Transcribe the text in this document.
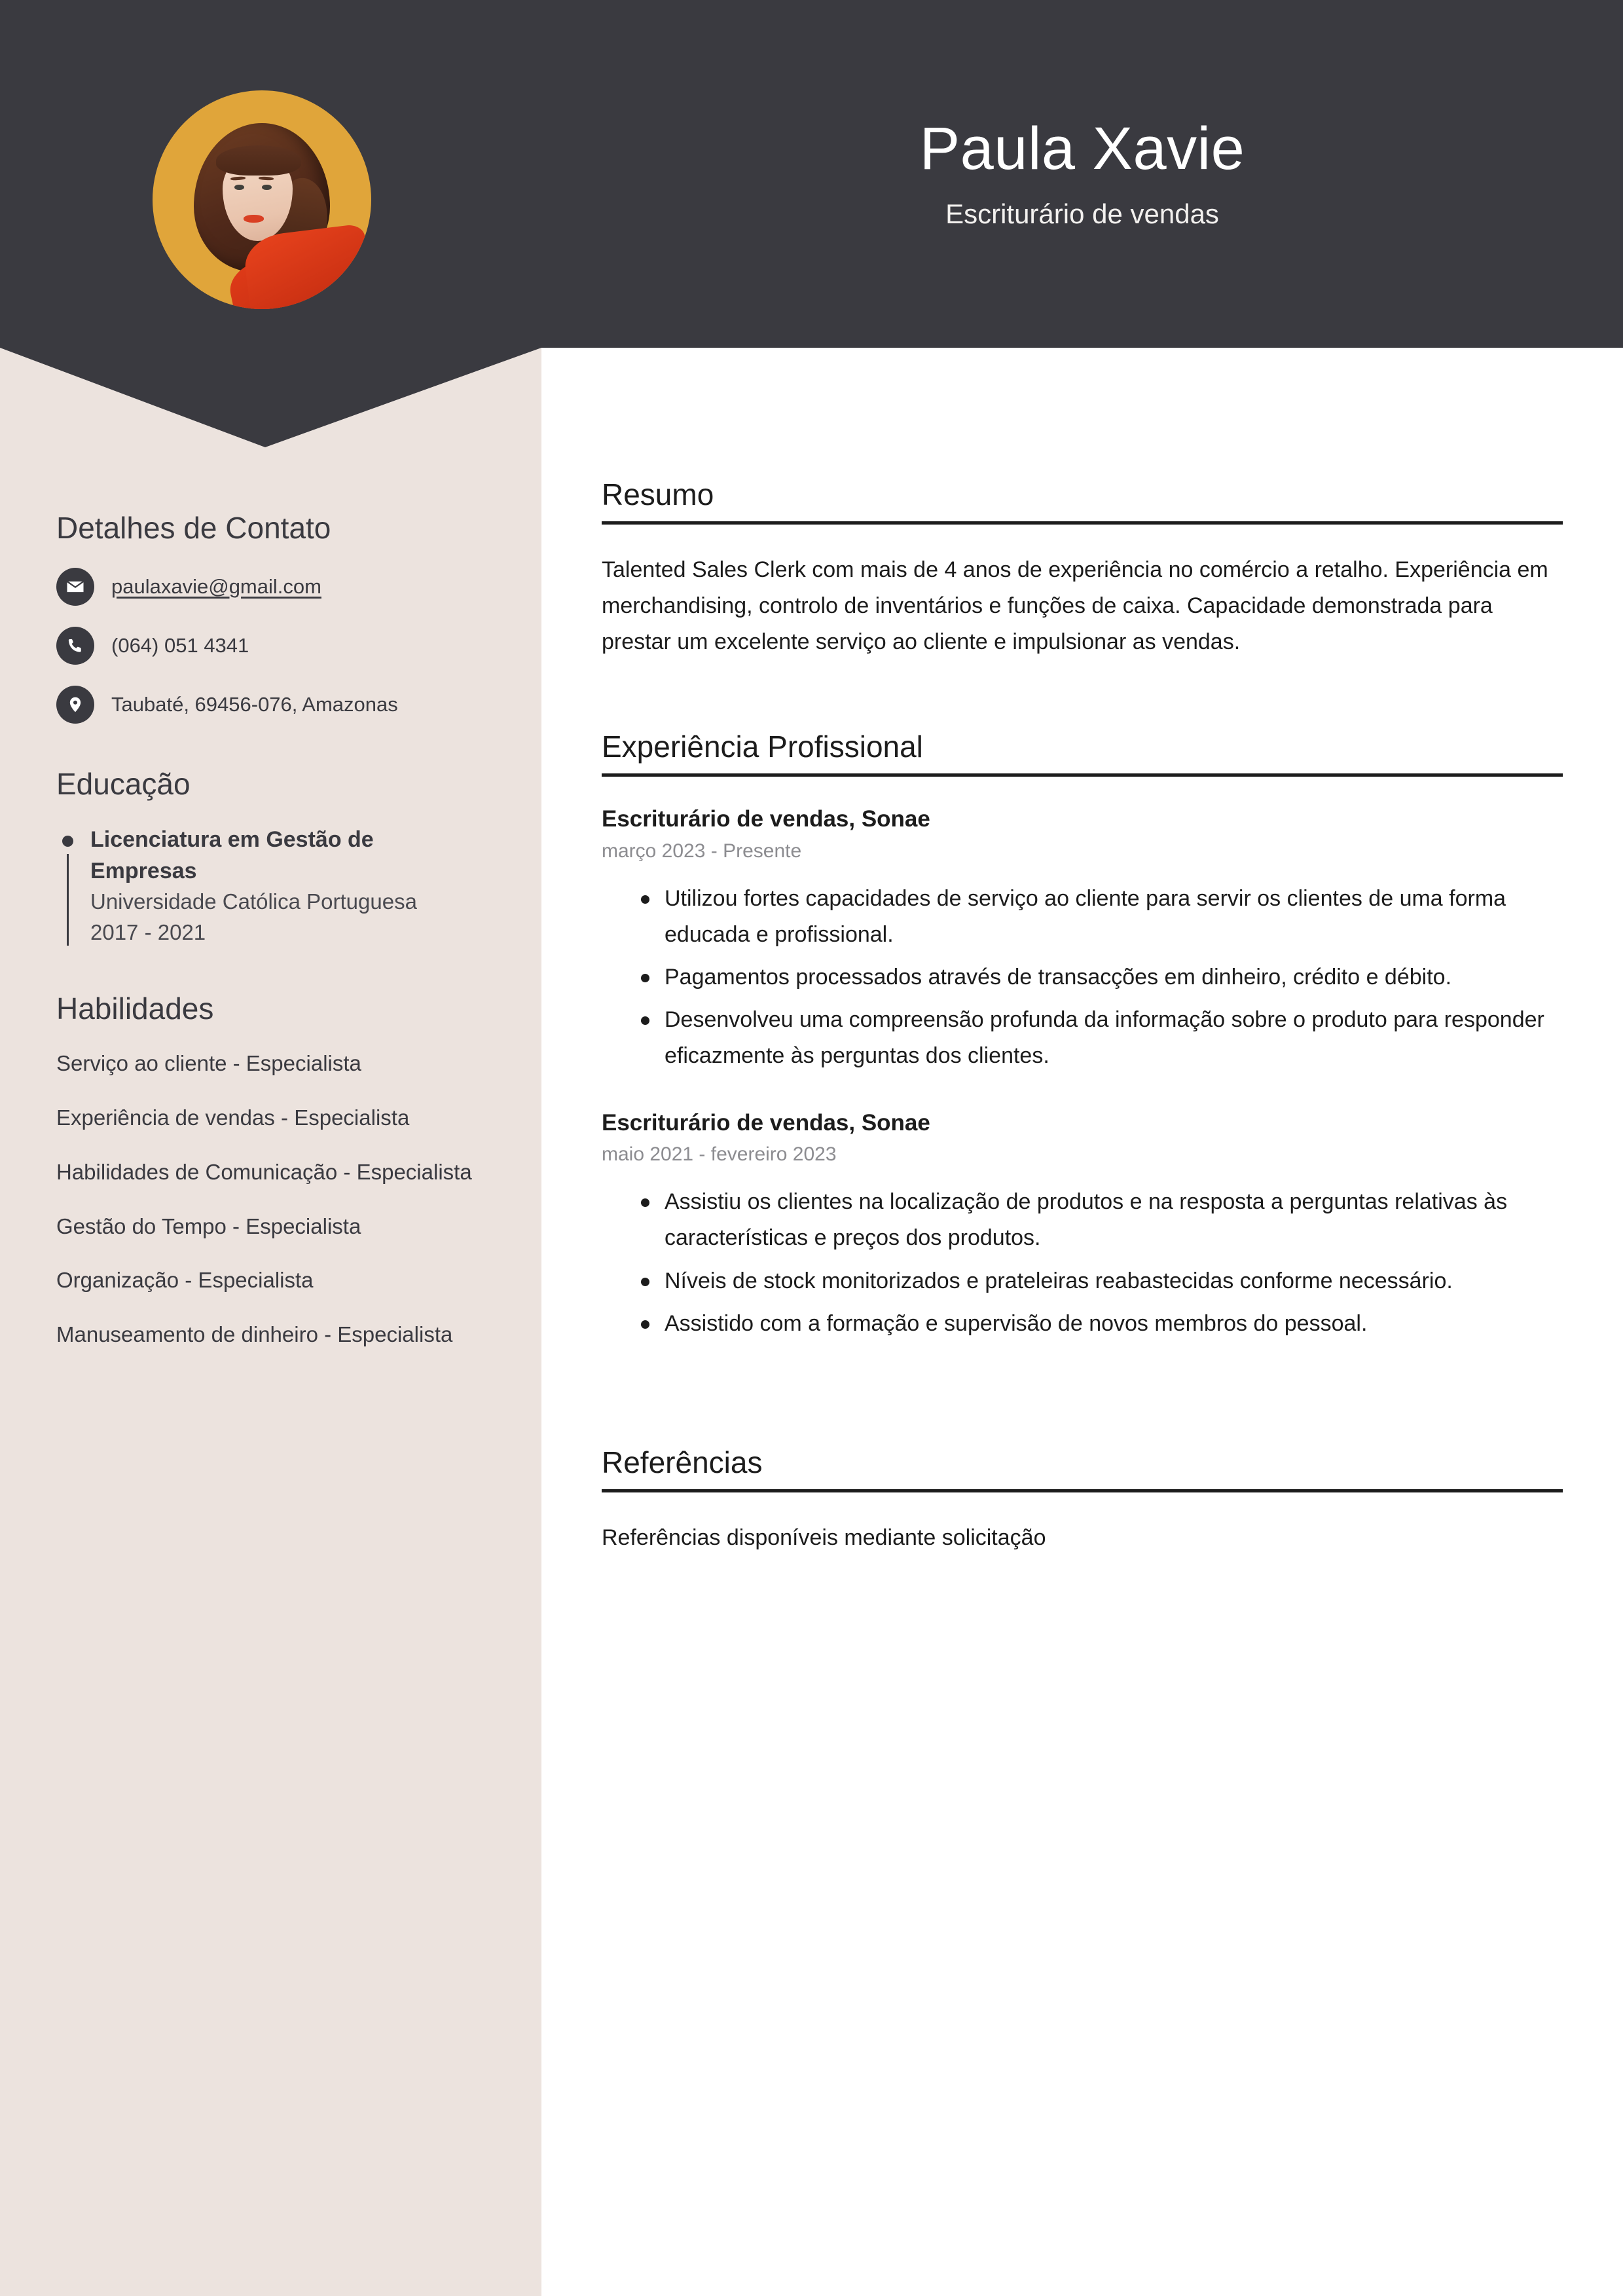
Paula Xavie
Escriturário de vendas
Detalhes de Contato
paulaxavie@gmail.com
(064) 051 4341
Taubaté, 69456-076, Amazonas
Educação

Licenciatura em Gestão de Empresas

Universidade Católica Portuguesa

2017 - 2021

Habilidades

Serviço ao cliente - Especialista

Experiência de vendas - Especialista

Habilidades de Comunicação - Especialista

Gestão do Tempo - Especialista

Organização - Especialista

Manuseamento de dinheiro - Especialista

Resumo

Talented Sales Clerk com mais de 4 anos de experiência no comércio a retalho. Experiência em merchandising, controlo de inventários e funções de caixa. Capacidade demonstrada para prestar um excelente serviço ao cliente e impulsionar as vendas.

Experiência Profissional

Escriturário de vendas, Sonae

março 2023 - Presente

Utilizou fortes capacidades de serviço ao cliente para servir os clientes de uma forma educada e profissional.
Pagamentos processados através de transacções em dinheiro, crédito e débito.
Desenvolveu uma compreensão profunda da informação sobre o produto para responder eficazmente às perguntas dos clientes.

Escriturário de vendas, Sonae

maio 2021 - fevereiro 2023

Assistiu os clientes na localização de produtos e na resposta a perguntas relativas às características e preços dos produtos.
Níveis de stock monitorizados e prateleiras reabastecidas conforme necessário.
Assistido com a formação e supervisão de novos membros do pessoal.
Referências

Referências disponíveis mediante solicitação
